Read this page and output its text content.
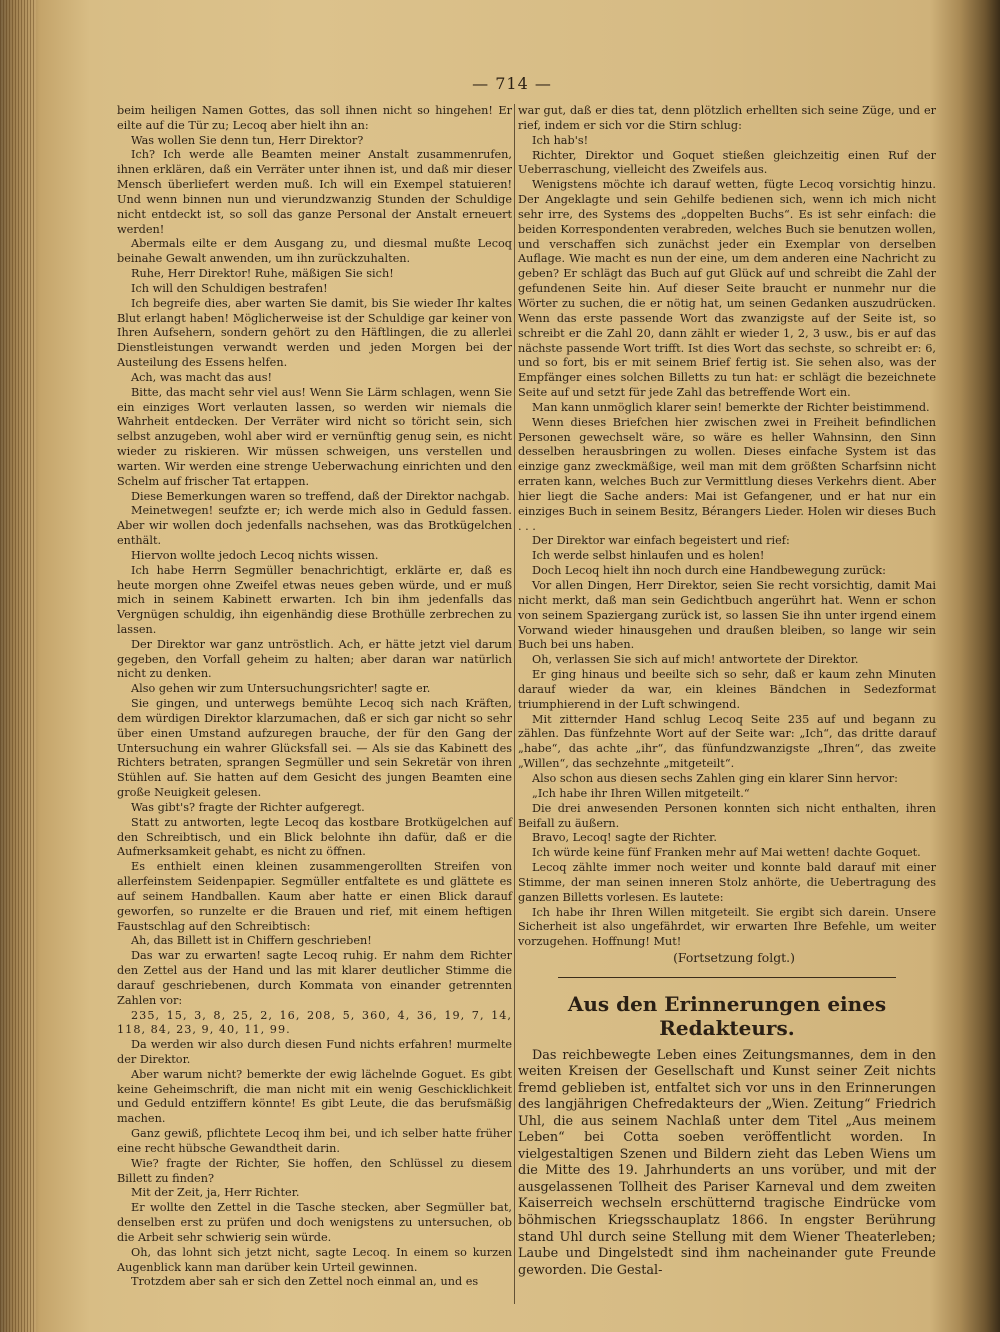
— 714 —

beim heiligen Namen Gottes, das soll ihnen nicht so hingehen! Er eilte auf die Tür zu; Lecoq aber hielt ihn an:

Was wollen Sie denn tun, Herr Direktor?

Ich? Ich werde alle Beamten meiner Anstalt zusammenrufen, ihnen erklären, daß ein Verräter unter ihnen ist, und daß mir dieser Mensch überliefert werden muß. Ich will ein Exempel statuieren! Und wenn binnen nun und vierundzwanzig Stunden der Schuldige nicht entdeckt ist, so soll das ganze Personal der Anstalt erneuert werden!

Abermals eilte er dem Ausgang zu, und diesmal mußte Lecoq beinahe Gewalt anwenden, um ihn zurückzuhalten.

Ruhe, Herr Direktor! Ruhe, mäßigen Sie sich!

Ich will den Schuldigen bestrafen!

Ich begreife dies, aber warten Sie damit, bis Sie wieder Ihr kaltes Blut erlangt haben! Möglicherweise ist der Schuldige gar keiner von Ihren Aufsehern, sondern gehört zu den Häftlingen, die zu allerlei Dienstleistungen verwandt werden und jeden Morgen bei der Austeilung des Essens helfen.

Ach, was macht das aus!

Bitte, das macht sehr viel aus! Wenn Sie Lärm schlagen, wenn Sie ein einziges Wort verlauten lassen, so werden wir niemals die Wahrheit entdecken. Der Verräter wird nicht so töricht sein, sich selbst anzugeben, wohl aber wird er vernünftig genug sein, es nicht wieder zu riskieren. Wir müssen schweigen, uns verstellen und warten. Wir werden eine strenge Ueberwachung einrichten und den Schelm auf frischer Tat ertappen.

Diese Bemerkungen waren so treffend, daß der Direktor nachgab.

Meinetwegen! seufzte er; ich werde mich also in Geduld fassen. Aber wir wollen doch jedenfalls nachsehen, was das Brotkügelchen enthält.

Hiervon wollte jedoch Lecoq nichts wissen.

Ich habe Herrn Segmüller benachrichtigt, erklärte er, daß es heute morgen ohne Zweifel etwas neues geben würde, und er muß mich in seinem Kabinett erwarten. Ich bin ihm jedenfalls das Vergnügen schuldig, ihn eigenhändig diese Brothülle zerbrechen zu lassen.

Der Direktor war ganz untröstlich. Ach, er hätte jetzt viel darum gegeben, den Vorfall geheim zu halten; aber daran war natürlich nicht zu denken.

Also gehen wir zum Untersuchungsrichter! sagte er.

Sie gingen, und unterwegs bemühte Lecoq sich nach Kräften, dem würdigen Direktor klarzumachen, daß er sich gar nicht so sehr über einen Umstand aufzuregen brauche, der für den Gang der Untersuchung ein wahrer Glücksfall sei. — Als sie das Kabinett des Richters betraten, sprangen Segmüller und sein Sekretär von ihren Stühlen auf. Sie hatten auf dem Gesicht des jungen Beamten eine große Neuigkeit gelesen.

Was gibt's? fragte der Richter aufgeregt.

Statt zu antworten, legte Lecoq das kostbare Brotkügelchen auf den Schreibtisch, und ein Blick belohnte ihn dafür, daß er die Aufmerksamkeit gehabt, es nicht zu öffnen.

Es enthielt einen kleinen zusammengerollten Streifen von allerfeinstem Seidenpapier. Segmüller entfaltete es und glättete es auf seinem Handballen. Kaum aber hatte er einen Blick darauf geworfen, so runzelte er die Brauen und rief, mit einem heftigen Faustschlag auf den Schreibtisch:

Ah, das Billett ist in Chiffern geschrieben!

Das war zu erwarten! sagte Lecoq ruhig. Er nahm dem Richter den Zettel aus der Hand und las mit klarer deutlicher Stimme die darauf geschriebenen, durch Kommata von einander getrennten Zahlen vor:

235, 15, 3, 8, 25, 2, 16, 208, 5, 360, 4, 36, 19, 7, 14, 118, 84, 23, 9, 40, 11, 99.

Da werden wir also durch diesen Fund nichts erfahren! murmelte der Direktor.

Aber warum nicht? bemerkte der ewig lächelnde Goguet. Es gibt keine Geheimschrift, die man nicht mit ein wenig Geschicklichkeit und Geduld entziffern könnte! Es gibt Leute, die das berufsmäßig machen.

Ganz gewiß, pflichtete Lecoq ihm bei, und ich selber hatte früher eine recht hübsche Gewandtheit darin.

Wie? fragte der Richter, Sie hoffen, den Schlüssel zu diesem Billett zu finden?

Mit der Zeit, ja, Herr Richter.

Er wollte den Zettel in die Tasche stecken, aber Segmüller bat, denselben erst zu prüfen und doch wenigstens zu untersuchen, ob die Arbeit sehr schwierig sein würde.

Oh, das lohnt sich jetzt nicht, sagte Lecoq. In einem so kurzen Augenblick kann man darüber kein Urteil gewinnen.

Trotzdem aber sah er sich den Zettel noch einmal an, und es

war gut, daß er dies tat, denn plötzlich erhellten sich seine Züge, und er rief, indem er sich vor die Stirn schlug:

Ich hab's!

Richter, Direktor und Goquet stießen gleichzeitig einen Ruf der Ueberraschung, vielleicht des Zweifels aus.

Wenigstens möchte ich darauf wetten, fügte Lecoq vorsichtig hinzu. Der Angeklagte und sein Gehilfe bedienen sich, wenn ich mich nicht sehr irre, des Systems des „doppelten Buchs“. Es ist sehr einfach: die beiden Korrespondenten verabreden, welches Buch sie benutzen wollen, und verschaffen sich zunächst jeder ein Exemplar von derselben Auflage. Wie macht es nun der eine, um dem anderen eine Nachricht zu geben? Er schlägt das Buch auf gut Glück auf und schreibt die Zahl der gefundenen Seite hin. Auf dieser Seite braucht er nunmehr nur die Wörter zu suchen, die er nötig hat, um seinen Gedanken auszudrücken. Wenn das erste passende Wort das zwanzigste auf der Seite ist, so schreibt er die Zahl 20, dann zählt er wieder 1, 2, 3 usw., bis er auf das nächste passende Wort trifft. Ist dies Wort das sechste, so schreibt er: 6, und so fort, bis er mit seinem Brief fertig ist. Sie sehen also, was der Empfänger eines solchen Billetts zu tun hat: er schlägt die bezeichnete Seite auf und setzt für jede Zahl das betreffende Wort ein.

Man kann unmöglich klarer sein! bemerkte der Richter beistimmend.

Wenn dieses Briefchen hier zwischen zwei in Freiheit befindlichen Personen gewechselt wäre, so wäre es heller Wahnsinn, den Sinn desselben herausbringen zu wollen. Dieses einfache System ist das einzige ganz zweckmäßige, weil man mit dem größten Scharfsinn nicht erraten kann, welches Buch zur Vermittlung dieses Verkehrs dient. Aber hier liegt die Sache anders: Mai ist Gefangener, und er hat nur ein einziges Buch in seinem Besitz, Bérangers Lieder. Holen wir dieses Buch . . .

Der Direktor war einfach begeistert und rief:

Ich werde selbst hinlaufen und es holen!

Doch Lecoq hielt ihn noch durch eine Handbewegung zurück:

Vor allen Dingen, Herr Direktor, seien Sie recht vorsichtig, damit Mai nicht merkt, daß man sein Gedichtbuch angerührt hat. Wenn er schon von seinem Spaziergang zurück ist, so lassen Sie ihn unter irgend einem Vorwand wieder hinausgehen und draußen bleiben, so lange wir sein Buch bei uns haben.

Oh, verlassen Sie sich auf mich! antwortete der Direktor.

Er ging hinaus und beeilte sich so sehr, daß er kaum zehn Minuten darauf wieder da war, ein kleines Bändchen in Sedezformat triumphierend in der Luft schwingend.

Mit zitternder Hand schlug Lecoq Seite 235 auf und begann zu zählen. Das fünfzehnte Wort auf der Seite war: „Ich“, das dritte darauf „habe“, das achte „ihr“, das fünfundzwanzigste „Ihren“, das zweite „Willen“, das sechzehnte „mitgeteilt“.

Also schon aus diesen sechs Zahlen ging ein klarer Sinn hervor:

„Ich habe ihr Ihren Willen mitgeteilt.“

Die drei anwesenden Personen konnten sich nicht enthalten, ihren Beifall zu äußern.

Bravo, Lecoq! sagte der Richter.

Ich würde keine fünf Franken mehr auf Mai wetten! dachte Goquet.

Lecoq zählte immer noch weiter und konnte bald darauf mit einer Stimme, der man seinen inneren Stolz anhörte, die Uebertragung des ganzen Billetts vorlesen. Es lautete:

Ich habe ihr Ihren Willen mitgeteilt. Sie ergibt sich darein. Unsere Sicherheit ist also ungefährdet, wir erwarten Ihre Befehle, um weiter vorzugehen. Hoffnung! Mut!

(Fortsetzung folgt.)

Aus den Erinnerungen eines Redakteurs.

Das reichbewegte Leben eines Zeitungsmannes, dem in den weiten Kreisen der Gesellschaft und Kunst seiner Zeit nichts fremd geblieben ist, entfaltet sich vor uns in den Erinnerungen des langjährigen Chefredakteurs der „Wien. Zeitung“ Friedrich Uhl, die aus seinem Nachlaß unter dem Titel „Aus meinem Leben“ bei Cotta soeben veröffentlicht worden. In vielgestaltigen Szenen und Bildern zieht das Leben Wiens um die Mitte des 19. Jahrhunderts an uns vorüber, und mit der ausgelassenen Tollheit des Pariser Karneval und dem zweiten Kaiserreich wechseln erschütternd tragische Eindrücke vom böhmischen Kriegsschauplatz 1866. In engster Berührung stand Uhl durch seine Stellung mit dem Wiener Theaterleben; Laube und Dingelstedt sind ihm nacheinander gute Freunde geworden. Die Gestal-
